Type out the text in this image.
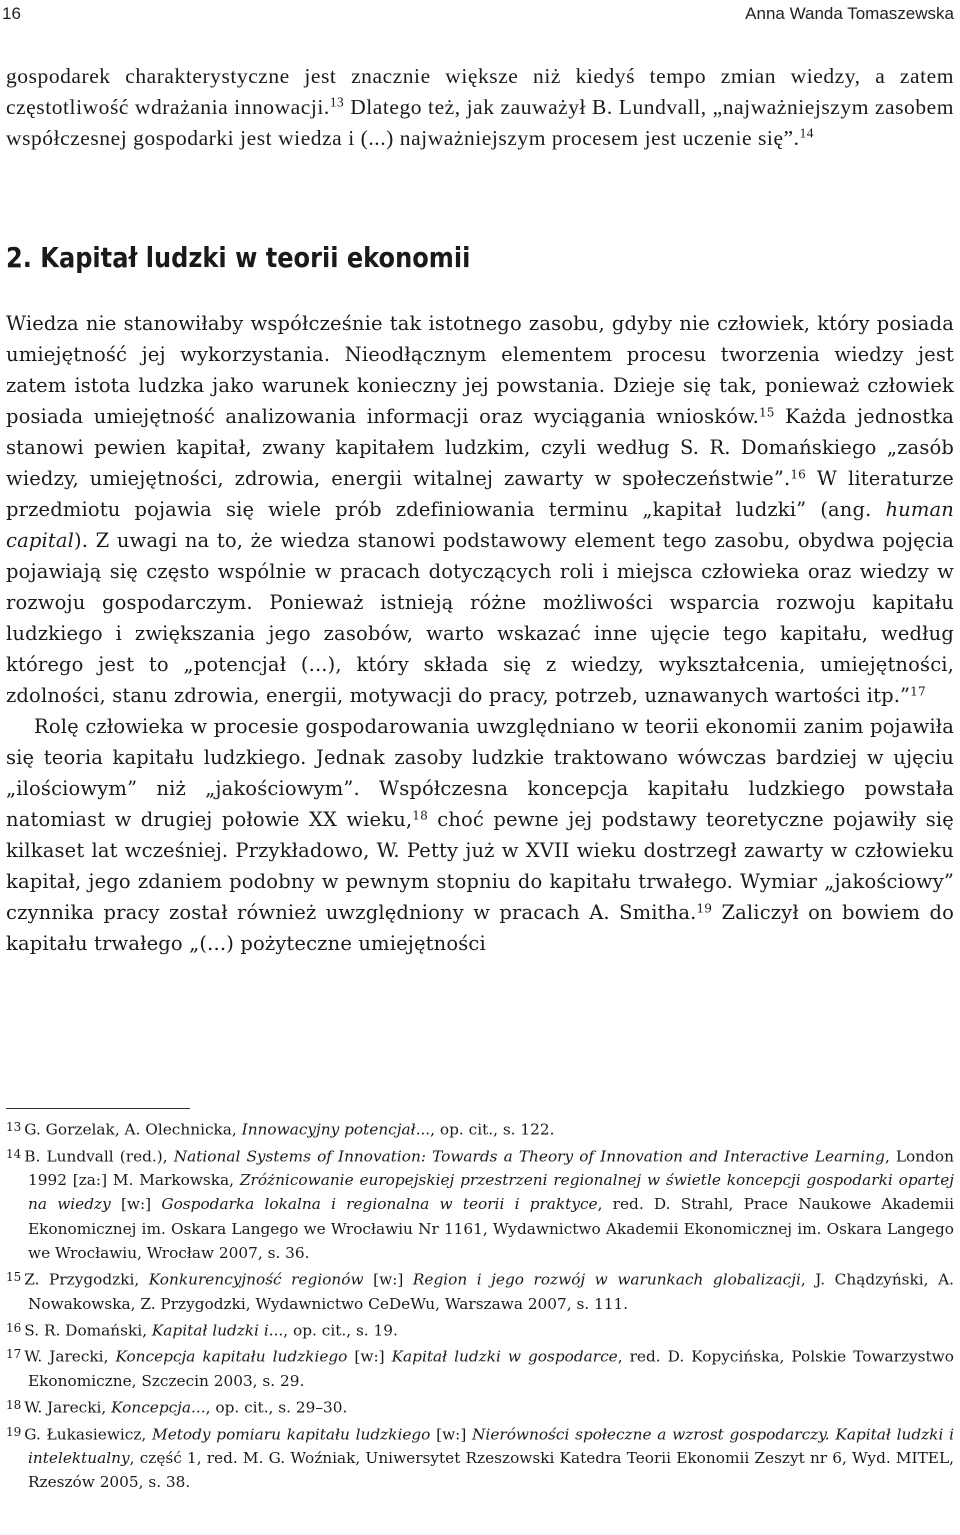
16	Anna Wanda Tomaszewska
gospodarek charakterystyczne jest znacznie większe niż kiedyś tempo zmian wiedzy, a zatem częstotliwość wdrażania innowacji.$^{13}$ Dlatego też, jak zauważył B. Lundvall, „najważniejszym zasobem współczesnej gospodarki jest wiedza i (...) najważniejszym procesem jest uczenie się”.$^{14}$
2. Kapitał ludzki w teorii ekonomii

Wiedza nie stanowiłaby współcześnie tak istotnego zasobu, gdyby nie człowiek, który posiada umiejętność jej wykorzystania. Nieodłącznym elementem procesu tworzenia wiedzy jest zatem istota ludzka jako warunek konieczny jej powstania. Dzieje się tak, ponieważ człowiek posiada umiejętność analizowania informacji oraz wyciągania wniosków.$^{15}$ Każda jednostka stanowi pewien kapitał, zwany kapitałem ludzkim, czyli według S. R. Domańskiego „zasób wiedzy, umiejętności, zdrowia, energii witalnej zawarty w społeczeństwie”.$^{16}$ W literaturze przedmiotu pojawia się wiele prób zdefiniowania terminu „kapitał ludzki” (ang. human capital). Z uwagi na to, że wiedza stanowi podstawowy element tego zasobu, obydwa pojęcia pojawiają się często wspólnie w pracach dotyczących roli i miejsca człowieka oraz wiedzy w rozwoju gospodarczym. Ponieważ istnieją różne możliwości wsparcia rozwoju kapitału ludzkiego i zwiększania jego zasobów, warto wskazać inne ujęcie tego kapitału, według którego jest to „potencjał (...), który składa się z wiedzy, wykształcenia, umiejętności, zdolności, stanu zdrowia, energii, motywacji do pracy, potrzeb, uznawanych wartości itp.”$^{17}$

Rolę człowieka w procesie gospodarowania uwzględniano w teorii ekonomii zanim pojawiła się teoria kapitału ludzkiego. Jednak zasoby ludzkie traktowano wówczas bardziej w ujęciu „ilościowym” niż „jakościowym”. Współczesna koncepcja kapitału ludzkiego powstała natomiast w drugiej połowie XX wieku,$^{18}$ choć pewne jej podstawy teoretyczne pojawiły się kilkaset lat wcześniej. Przykładowo, W. Petty już w XVII wieku dostrzegł zawarty w człowieku kapitał, jego zdaniem podobny w pewnym stopniu do kapitału trwałego. Wymiar „jakościowy” czynnika pracy został również uwzględniony w pracach A. Smitha.$^{19}$ Zaliczył on bowiem do kapitału trwałego „(...) pożyteczne umiejętności

$^{13}$ G. Gorzelak, A. Olechnicka, Innowacyjny potencjał..., op. cit., s. 122.

$^{14}$ B. Lundvall (red.), National Systems of Innovation: Towards a Theory of Innovation and Interactive Learning, London 1992 [za:] M. Markowska, Zróżnicowanie europejskiej przestrzeni regionalnej w świetle koncepcji gospodarki opartej na wiedzy [w:] Gospodarka lokalna i regionalna w teorii i praktyce, red. D. Strahl, Prace Naukowe Akademii Ekonomicznej im. Oskara Langego we Wrocławiu Nr 1161, Wydawnictwo Akademii Ekonomicznej im. Oskara Langego we Wrocławiu, Wrocław 2007, s. 36.

$^{15}$ Z. Przygodzki, Konkurencyjność regionów [w:] Region i jego rozwój w warunkach globalizacji, J. Chądzyński, A. Nowakowska, Z. Przygodzki, Wydawnictwo CeDeWu, Warszawa 2007, s. 111.

$^{16}$ S. R. Domański, Kapitał ludzki i..., op. cit., s. 19.

$^{17}$ W. Jarecki, Koncepcja kapitału ludzkiego [w:] Kapitał ludzki w gospodarce, red. D. Kopycińska, Polskie Towarzystwo Ekonomiczne, Szczecin 2003, s. 29.

$^{18}$ W. Jarecki, Koncepcja..., op. cit., s. 29–30.

$^{19}$ G. Łukasiewicz, Metody pomiaru kapitału ludzkiego [w:] Nierówności społeczne a wzrost gospodarczy. Kapitał ludzki i intelektualny, część 1, red. M. G. Woźniak, Uniwersytet Rzeszowski Katedra Teorii Ekonomii Zeszyt nr 6, Wyd. MITEL, Rzeszów 2005, s. 38.
